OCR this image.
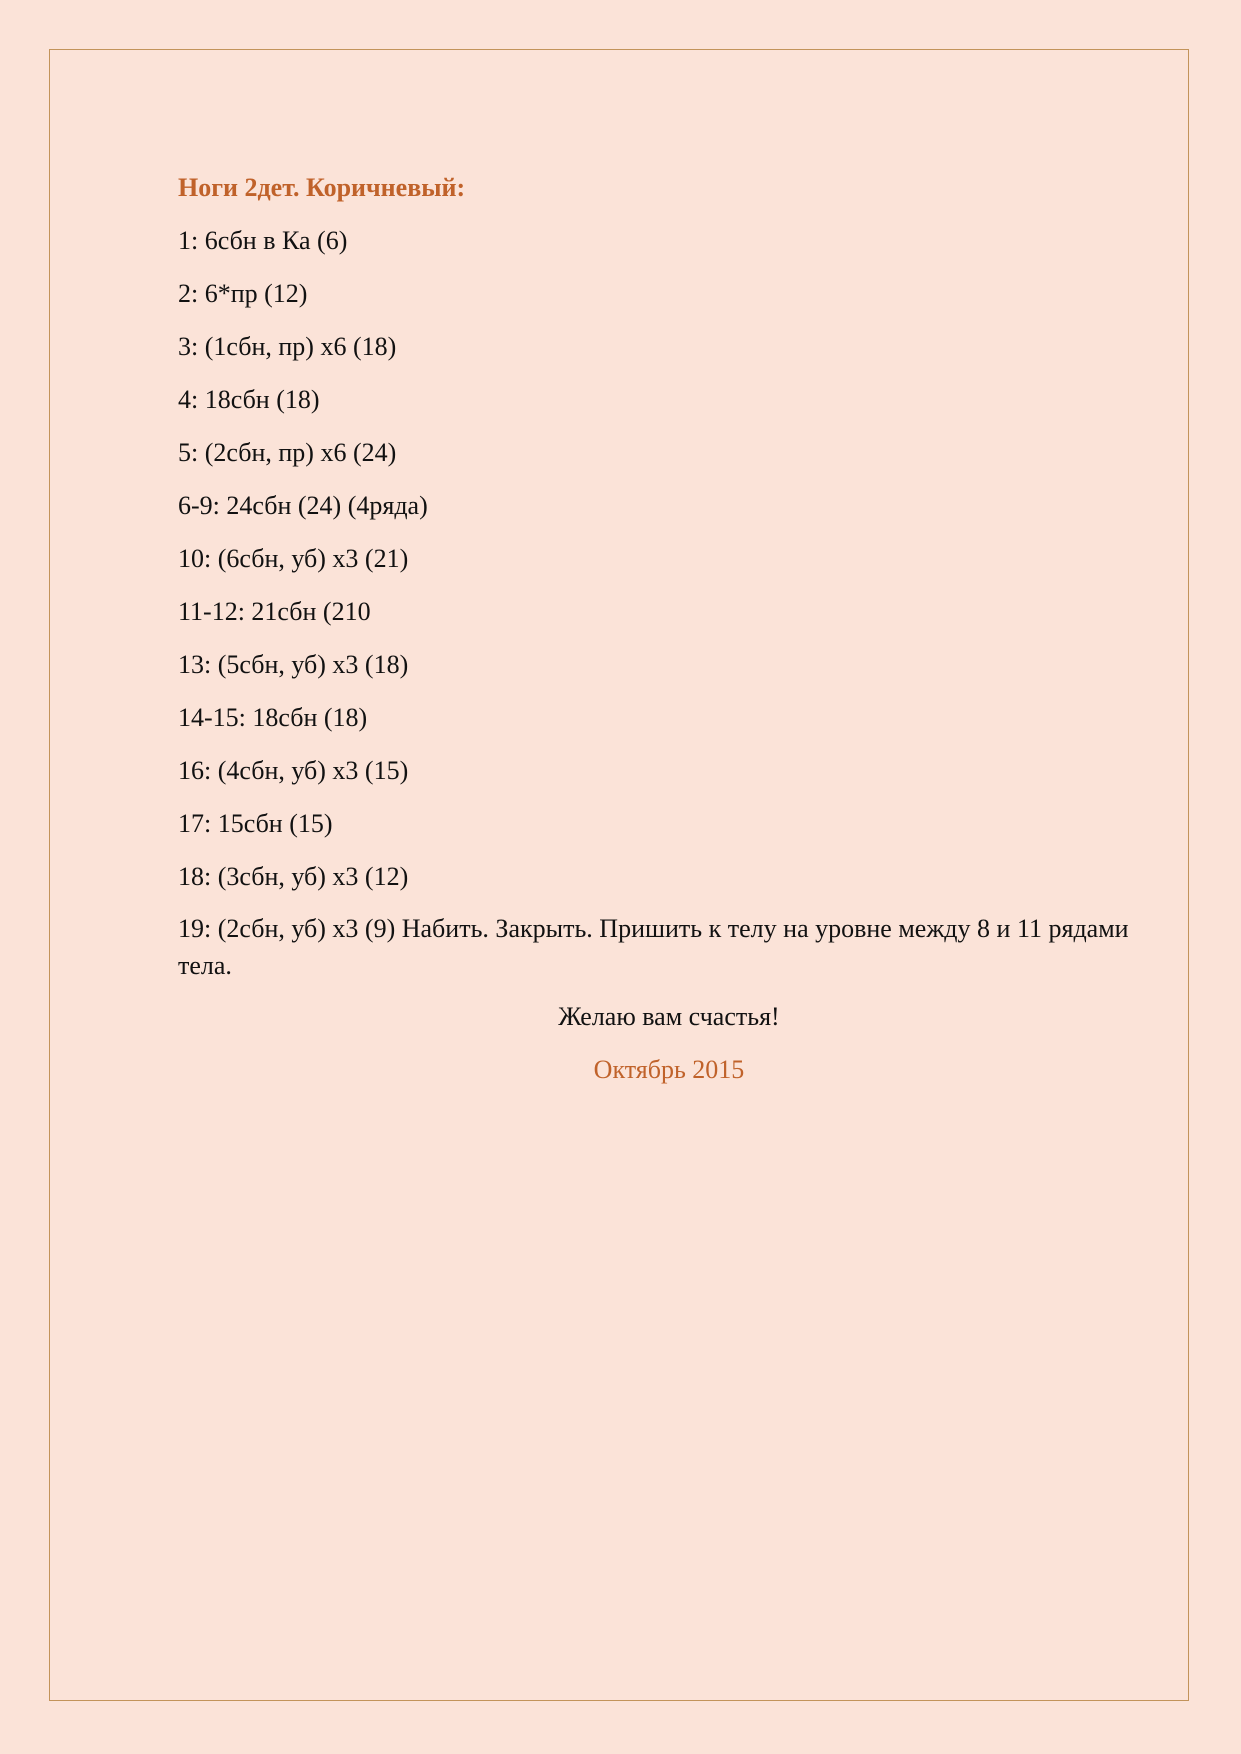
Ноги 2дет. Коричневый:
1: 6сбн в Ка (6)
2: 6*пр (12)
3: (1сбн, пр) х6 (18)
4: 18сбн (18)
5: (2сбн, пр) х6 (24)
6-9: 24сбн (24) (4ряда)
10: (6сбн, уб) х3 (21)
11-12: 21сбн (210
13: (5сбн, уб) х3 (18)
14-15: 18сбн (18)
16: (4сбн, уб) х3 (15)
17: 15сбн (15)
18: (3сбн, уб) х3 (12)
19: (2сбн, уб) х3 (9) Набить. Закрыть. Пришить к телу на уровне между 8 и 11 рядами тела.
Желаю вам счастья!
Октябрь 2015
